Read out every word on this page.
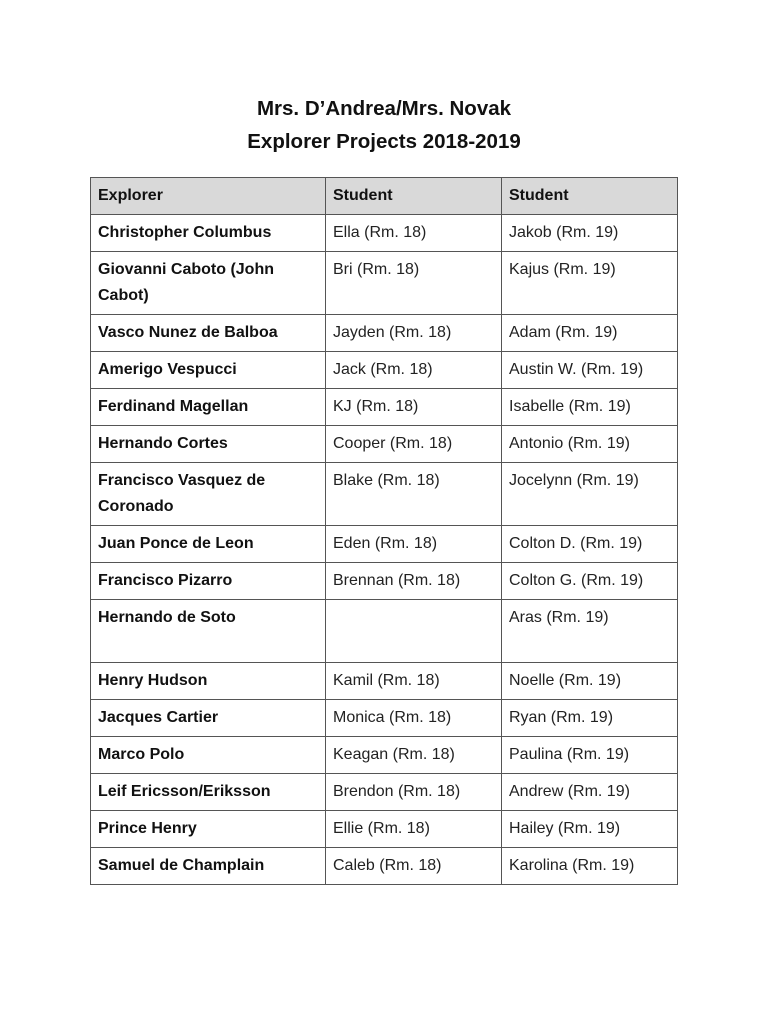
Mrs. D’Andrea/Mrs. Novak
Explorer Projects 2018-2019
Explorer	Student	Student
Christopher Columbus	Ella (Rm. 18)	Jakob (Rm. 19)
Giovanni Caboto (John Cabot)	Bri (Rm. 18)	Kajus (Rm. 19)
Vasco Nunez de Balboa	Jayden (Rm. 18)	Adam (Rm. 19)
Amerigo Vespucci	Jack (Rm. 18)	Austin W. (Rm. 19)
Ferdinand Magellan	KJ (Rm. 18)	Isabelle (Rm. 19)
Hernando Cortes	Cooper (Rm. 18)	Antonio (Rm. 19)
Francisco Vasquez de Coronado	Blake (Rm. 18)	Jocelynn (Rm. 19)
Juan Ponce de Leon	Eden (Rm. 18)	Colton D. (Rm. 19)
Francisco Pizarro	Brennan (Rm. 18)	Colton G. (Rm. 19)
Hernando de Soto		Aras (Rm. 19)
Henry Hudson	Kamil (Rm. 18)	Noelle (Rm. 19)
Jacques Cartier	Monica (Rm. 18)	Ryan (Rm. 19)
Marco Polo	Keagan (Rm. 18)	Paulina (Rm. 19)
Leif Ericsson/Eriksson	Brendon (Rm. 18)	Andrew (Rm. 19)
Prince Henry	Ellie (Rm. 18)	Hailey (Rm. 19)
Samuel de Champlain	Caleb (Rm. 18)	Karolina (Rm. 19)
